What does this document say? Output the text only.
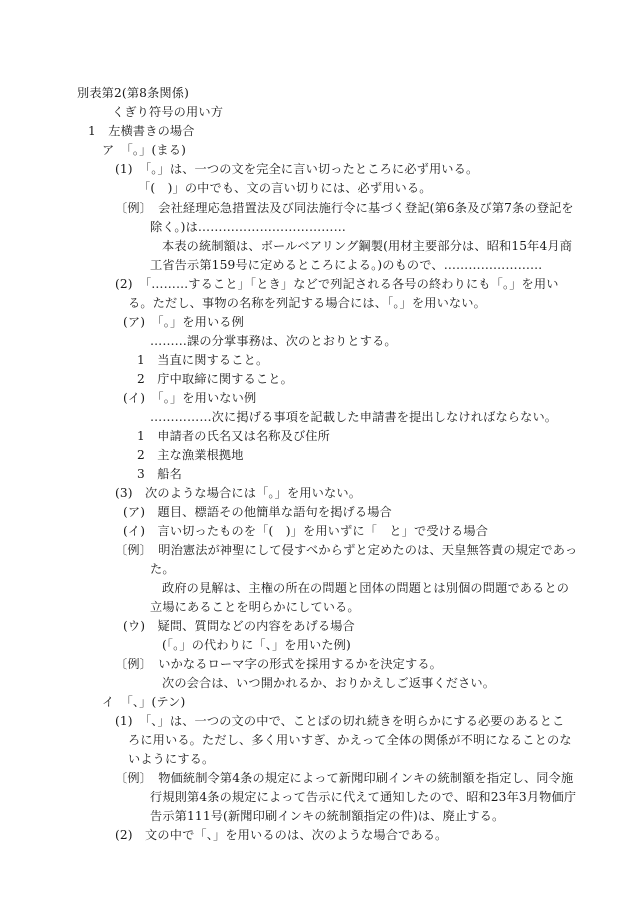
別表第2(第8条関係)
くぎり符号の用い方
1　左横書きの場合
ア　「。」(まる)
(1)　「。」は、一つの文を完全に言い切ったところに必ず用いる。
「(　)」の中でも、文の言い切りには、必ず用いる。
〔例〕　会社経理応急措置法及び同法施行令に基づく登記(第6条及び第7条の登記を
除く。)は………………………………
本表の統制額は、ボールベアリング鋼製(用材主要部分は、昭和15年4月商
工省告示第159号に定めるところによる。)のもので、……………………
(2)　「………すること」「とき」などで列記される各号の終わりにも「。」を用い
る。ただし、事物の名称を列記する場合には、「。」を用いない。
(ア)　「。」を用いる例
………課の分掌事務は、次のとおりとする。
1　当直に関すること。
2　庁中取締に関すること。
(イ)　「。」を用いない例
……………次に掲げる事項を記載した申請書を提出しなければならない。
1　申請者の氏名又は名称及び住所
2　主な漁業根拠地
3　船名
(3)　次のような場合には「。」を用いない。
(ア)　題目、標語その他簡単な語句を掲げる場合
(イ)　言い切ったものを「(　)」を用いずに「　と」で受ける場合
〔例〕　明治憲法が神聖にして侵すべからずと定めたのは、天皇無答責の規定であっ
た。
政府の見解は、主権の所在の問題と団体の問題とは別個の問題であるとの
立場にあることを明らかにしている。
(ウ)　疑問、質問などの内容をあげる場合
(「。」の代わりに「、」を用いた例)
〔例〕　いかなるローマ字の形式を採用するかを決定する。
次の会合は、いつ開かれるか、おりかえしご返事ください。
イ　「、」(テン)
(1)　「、」は、一つの文の中で、ことばの切れ続きを明らかにする必要のあるとこ
ろに用いる。ただし、多く用いすぎ、かえって全体の関係が不明になることのな
いようにする。
〔例〕　物価統制令第4条の規定によって新聞印刷インキの統制額を指定し、同令施
行規則第4条の規定によって告示に代えて通知したので、昭和23年3月物価庁
告示第111号(新聞印刷インキの統制額指定の件)は、廃止する。
(2)　文の中で「、」を用いるのは、次のような場合である。
